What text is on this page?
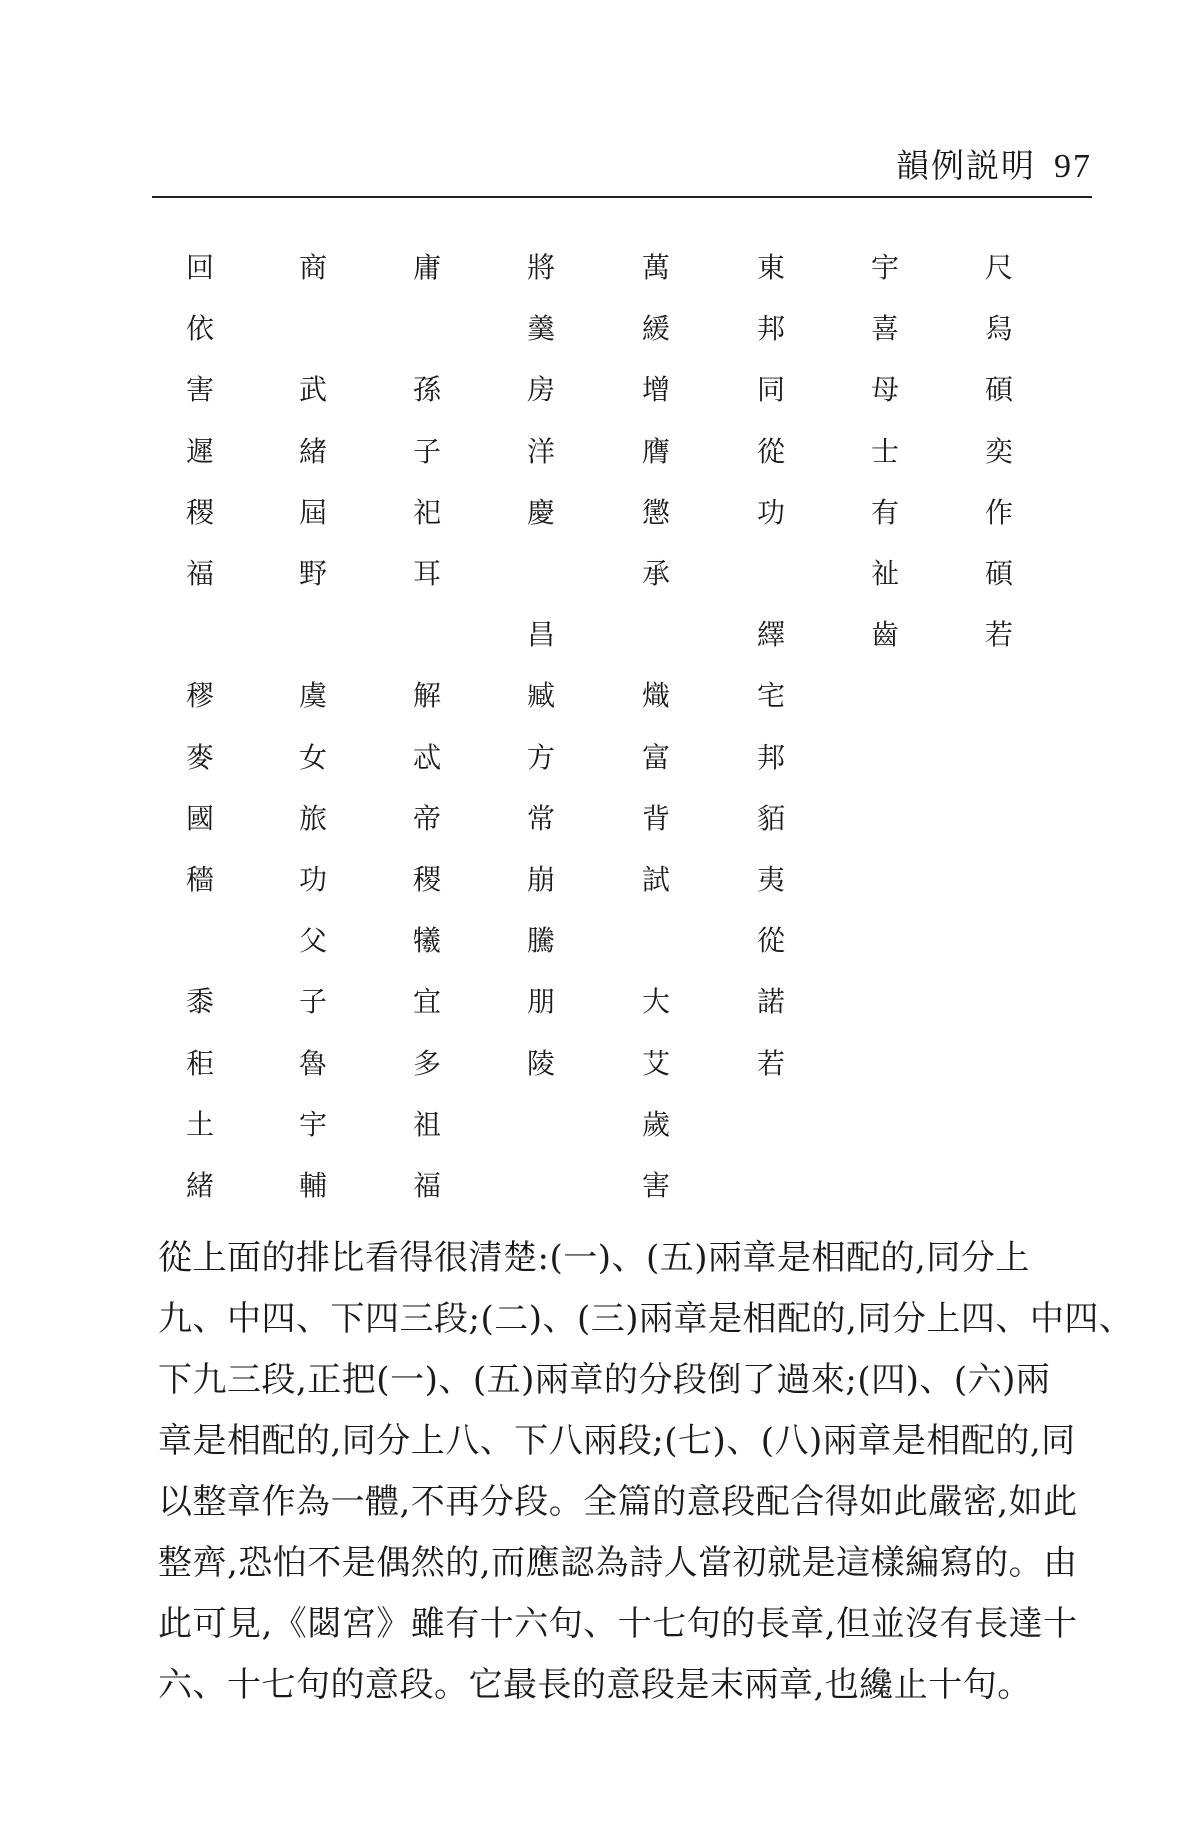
韻例説明 97
回
依
害
遲
稷
福
穋
麥
國
穡
黍
秬
土
緒
商
武
緒
屆
野
虞
女
旅
功
父
子
魯
宇
輔
庸
孫
子
祀
耳
解
忒
帝
稷
犧
宜
多
祖
福
將
羹
房
洋
慶
昌
臧
方
常
崩
騰
朋
陵
萬
緩
增
膺
懲
承
熾
富
背
試
大
艾
歲
害
東
邦
同
從
功
繹
宅
邦
貊
夷
從
諾
若
宇
喜
母
士
有
祉
齒
尺
舄
碩
奕
作
碩
若
從上面的排比看得很清楚:(一)、(五)兩章是相配的,同分上
九、中四、下四三段;(二)、(三)兩章是相配的,同分上四、中四、
下九三段,正把(一)、(五)兩章的分段倒了過來;(四)、(六)兩
章是相配的,同分上八、下八兩段;(七)、(八)兩章是相配的,同
以整章作為一體,不再分段。全篇的意段配合得如此嚴密,如此
整齊,恐怕不是偶然的,而應認為詩人當初就是這樣編寫的。由
此可見,《閟宮》雖有十六句、十七句的長章,但並沒有長達十
六、十七句的意段。它最長的意段是末兩章,也纔止十句。
